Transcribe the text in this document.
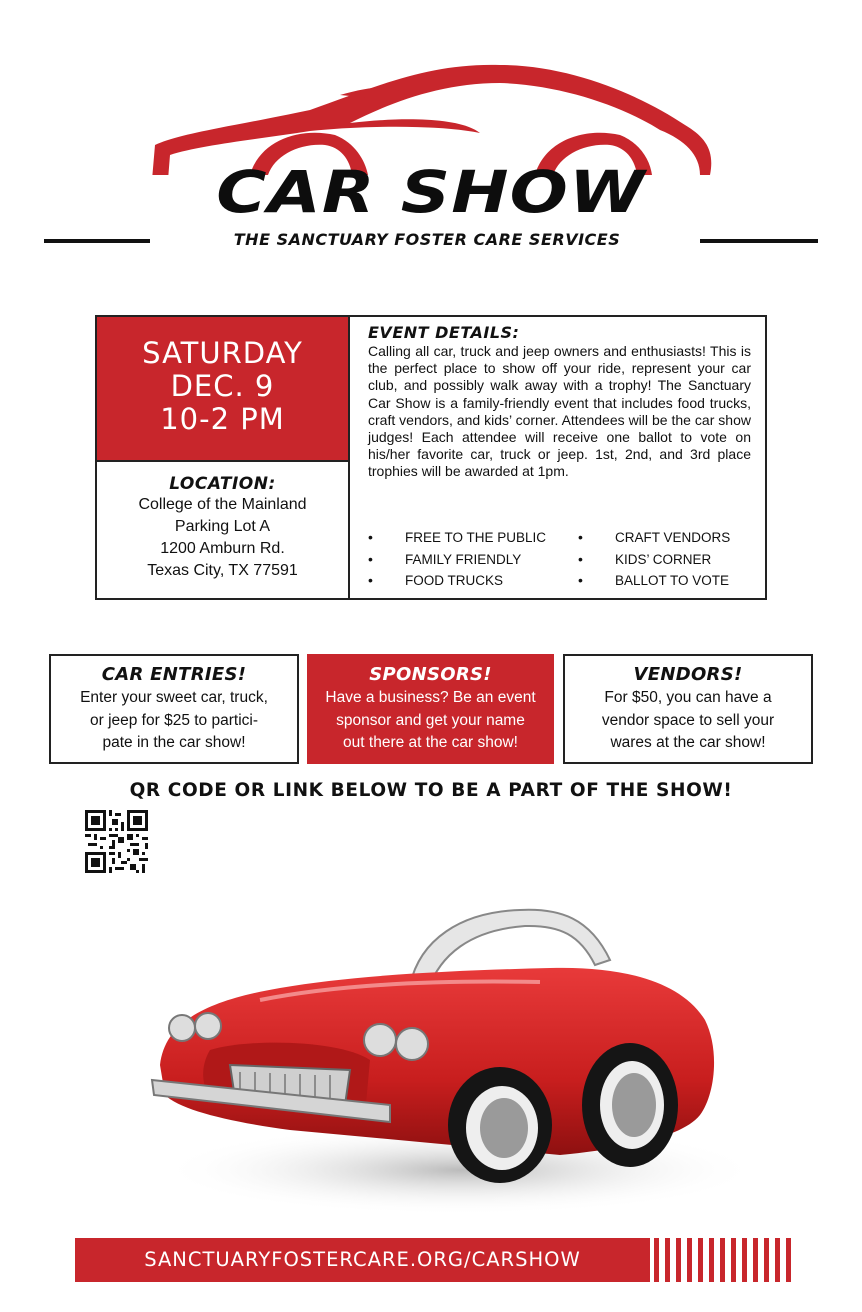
CAR SHOW
THE SANCTUARY FOSTER CARE SERVICES
SATURDAY
DEC. 9
10-2 PM
LOCATION:
College of the Mainland
Parking Lot A
1200 Amburn Rd.
Texas City, TX 77591
EVENT DETAILS:
Calling all car, truck and jeep owners and enthusiasts! This is the perfect place to show off your ride, represent your car club, and possibly walk away with a trophy! The Sanctuary Car Show is a family-friendly event that includes food trucks, craft vendors, and kids’ corner. Attendees will be the car show judges! Each attendee will receive one ballot to vote on his/her favorite car, truck or jeep. 1st, 2nd, and 3rd place trophies will be awarded at 1pm.
• FREE TO THE PUBLIC
• FAMILY FRIENDLY
• FOOD TRUCKS
• CRAFT VENDORS
• KIDS’ CORNER
• BALLOT TO VOTE
CAR ENTRIES!
Enter your sweet car, truck,
or jeep for $25 to partici-
pate in the car show!
SPONSORS!
Have a business? Be an event
sponsor and get your name
out there at the car show!
VENDORS!
For $50, you can have a
vendor space to sell your
wares at the car show!
QR CODE OR LINK BELOW TO BE A PART OF THE SHOW!
SANCTUARYFOSTERCARE.ORG/CARSHOW
